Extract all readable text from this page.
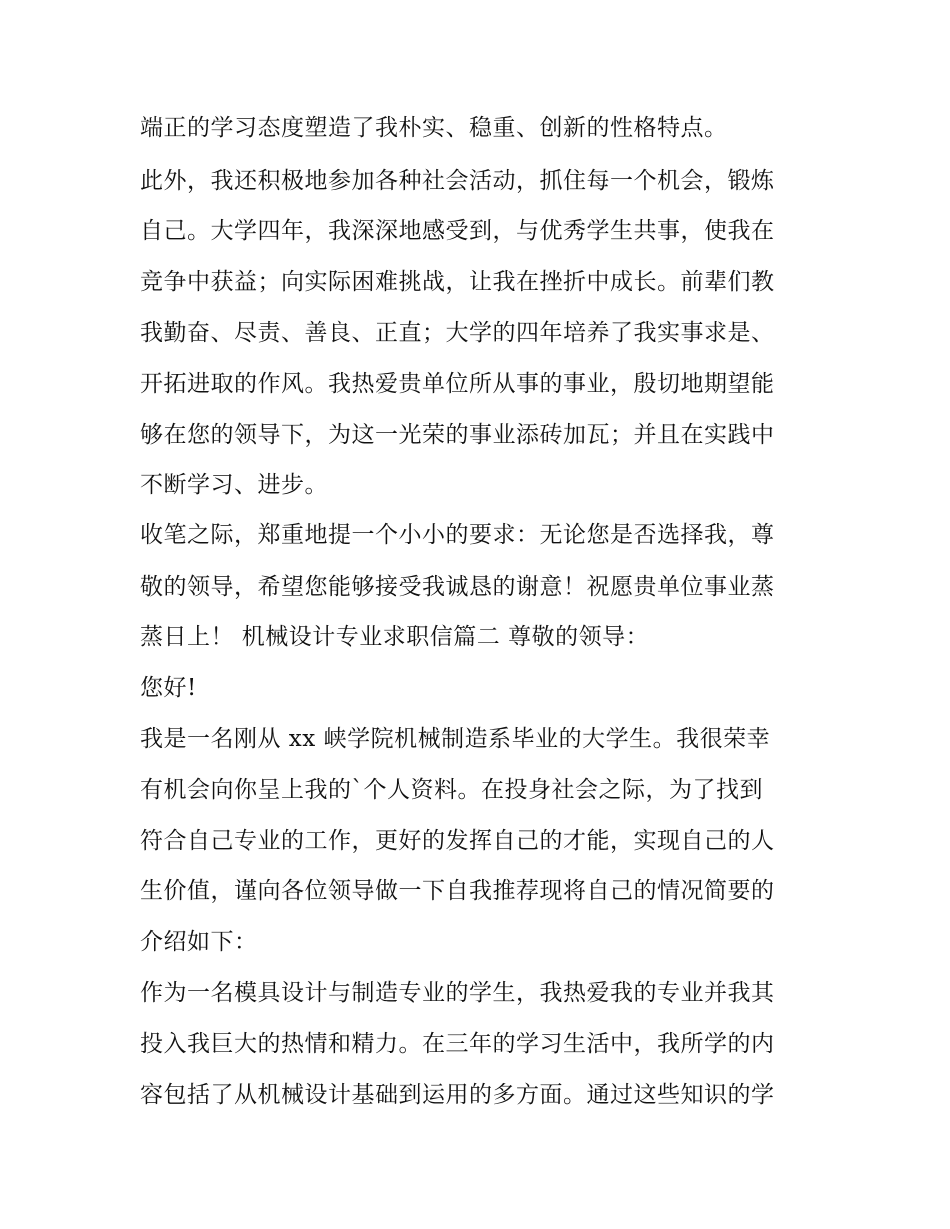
端正的学习态度塑造了我朴实、稳重、创新的性格特点。
此外，我还积极地参加各种社会活动，抓住每一个机会，锻炼
自己。大学四年，我深深地感受到，与优秀学生共事，使我在
竞争中获益；向实际困难挑战，让我在挫折中成长。前辈们教
我勤奋、尽责、善良、正直；大学的四年培养了我实事求是、
开拓进取的作风。我热爱贵单位所从事的事业，殷切地期望能
够在您的领导下，为这一光荣的事业添砖加瓦；并且在实践中
不断学习、进步。
收笔之际，郑重地提一个小小的要求：无论您是否选择我，尊
敬的领导，希望您能够接受我诚恳的谢意！祝愿贵单位事业蒸
蒸日上！ 机械设计专业求职信篇二 尊敬的领导：
您好!
我是一名刚从 xx 峡学院机械制造系毕业的大学生。我很荣幸
有机会向你呈上我的`个人资料。在投身社会之际，为了找到
符合自己专业的工作，更好的发挥自己的才能，实现自己的人
生价值，谨向各位领导做一下自我推荐现将自己的情况简要的
介绍如下：
作为一名模具设计与制造专业的学生，我热爱我的专业并我其
投入我巨大的热情和精力。在三年的学习生活中，我所学的内
容包括了从机械设计基础到运用的多方面。通过这些知识的学
